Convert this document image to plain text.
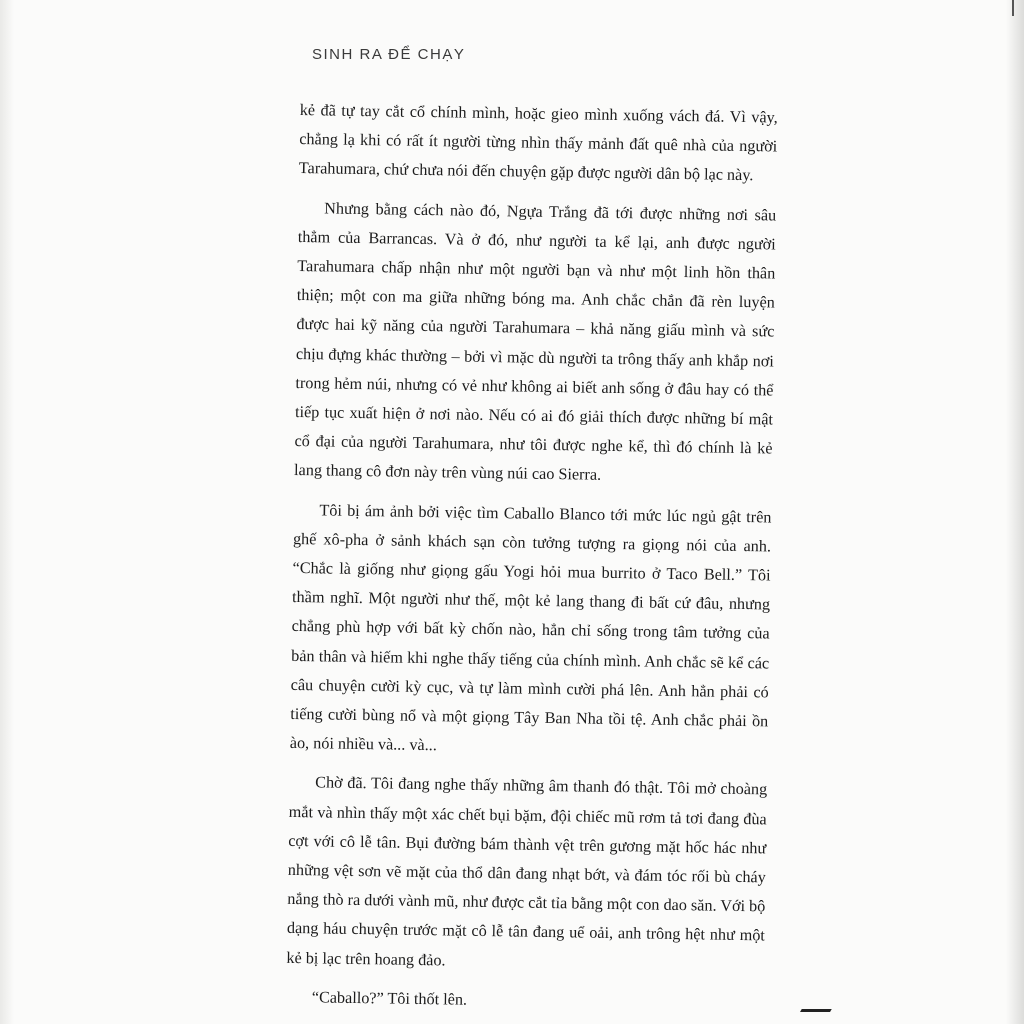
SINH RA ĐỂ CHẠY

kẻ đã tự tay cắt cổ chính mình, hoặc gieo mình xuống vách đá. Vì vậy, chẳng lạ khi có rất ít người từng nhìn thấy mảnh đất quê nhà của người Tarahumara, chứ chưa nói đến chuyện gặp được người dân bộ lạc này.

Nhưng bằng cách nào đó, Ngựa Trắng đã tới được những nơi sâu thẳm của Barrancas. Và ở đó, như người ta kể lại, anh được người Tarahumara chấp nhận như một người bạn và như một linh hồn thân thiện; một con ma giữa những bóng ma. Anh chắc chắn đã rèn luyện được hai kỹ năng của người Tarahumara – khả năng giấu mình và sức chịu đựng khác thường – bởi vì mặc dù người ta trông thấy anh khắp nơi trong hẻm núi, nhưng có vẻ như không ai biết anh sống ở đâu hay có thể tiếp tục xuất hiện ở nơi nào. Nếu có ai đó giải thích được những bí mật cổ đại của người Tarahumara, như tôi được nghe kể, thì đó chính là kẻ lang thang cô đơn này trên vùng núi cao Sierra.

Tôi bị ám ảnh bởi việc tìm Caballo Blanco tới mức lúc ngủ gật trên ghế xô-pha ở sảnh khách sạn còn tưởng tượng ra giọng nói của anh. “Chắc là giống như giọng gấu Yogi hỏi mua burrito ở Taco Bell.” Tôi thầm nghĩ. Một người như thế, một kẻ lang thang đi bất cứ đâu, nhưng chẳng phù hợp với bất kỳ chốn nào, hẳn chỉ sống trong tâm tưởng của bản thân và hiếm khi nghe thấy tiếng của chính mình. Anh chắc sẽ kể các câu chuyện cười kỳ cục, và tự làm mình cười phá lên. Anh hẳn phải có tiếng cười bùng nổ và một giọng Tây Ban Nha tồi tệ. Anh chắc phải ồn ào, nói nhiều và... và...

Chờ đã. Tôi đang nghe thấy những âm thanh đó thật. Tôi mở choàng mắt và nhìn thấy một xác chết bụi bặm, đội chiếc mũ rơm tả tơi đang đùa cợt với cô lễ tân. Bụi đường bám thành vệt trên gương mặt hốc hác như những vệt sơn vẽ mặt của thổ dân đang nhạt bớt, và đám tóc rối bù cháy nắng thò ra dưới vành mũ, như được cắt tỉa bằng một con dao săn. Với bộ dạng háu chuyện trước mặt cô lễ tân đang uể oải, anh trông hệt như một kẻ bị lạc trên hoang đảo.

“Caballo?” Tôi thốt lên.
